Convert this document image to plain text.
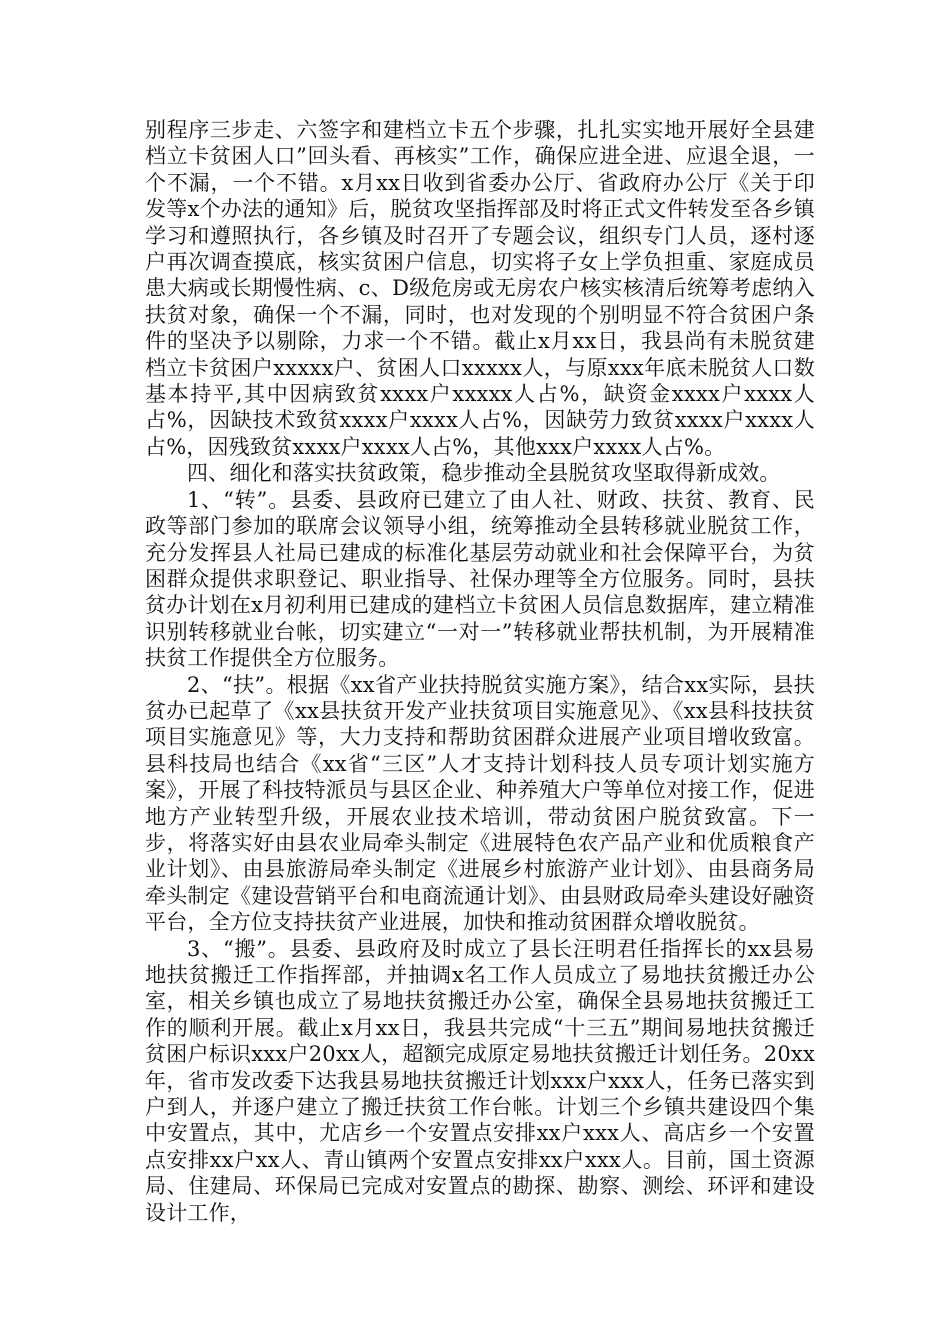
别程序三步走、六签字和建档立卡五个步骤，扎扎实实地开展好全县建档立卡贫困人口”回头看、再核实”工作，确保应进全进、应退全退，一个不漏，一个不错。x月xx日收到省委办公厅、省政府办公厅《关于印发等x个办法的通知》后，脱贫攻坚指挥部及时将正式文件转发至各乡镇学习和遵照执行，各乡镇及时召开了专题会议，组织专门人员，逐村逐户再次调查摸底，核实贫困户信息，切实将子女上学负担重、家庭成员患大病或长期慢性病、c、D级危房或无房农户核实核清后统筹考虑纳入扶贫对象，确保一个不漏，同时，也对发现的个别明显不符合贫困户条件的坚决予以剔除，力求一个不错。截止x月xx日，我县尚有未脱贫建档立卡贫困户xxxxx户、贫困人口xxxxx人，与原xxx年底未脱贫人口数基本持平,其中因病致贫xxxx户xxxxx人占%，缺资金xxxx户xxxx人占%，因缺技术致贫xxxx户xxxx人占%，因缺劳力致贫xxxx户xxxx人占%，因残致贫xxxx户xxxx人占%，其他xxx户xxxx人占%。

四、细化和落实扶贫政策，稳步推动全县脱贫攻坚取得新成效。

1、“转”。县委、县政府已建立了由人社、财政、扶贫、教育、民政等部门参加的联席会议领导小组，统筹推动全县转移就业脱贫工作，充分发挥县人社局已建成的标准化基层劳动就业和社会保障平台，为贫困群众提供求职登记、职业指导、社保办理等全方位服务。同时，县扶贫办计划在x月初利用已建成的建档立卡贫困人员信息数据库，建立精准识别转移就业台帐，切实建立“一对一”转移就业帮扶机制，为开展精准扶贫工作提供全方位服务。

2、“扶”。根据《xx省产业扶持脱贫实施方案》，结合xx实际，县扶贫办已起草了《xx县扶贫开发产业扶贫项目实施意见》、《xx县科技扶贫项目实施意见》等，大力支持和帮助贫困群众进展产业项目增收致富。县科技局也结合《xx省“三区”人才支持计划科技人员专项计划实施方案》，开展了科技特派员与县区企业、种养殖大户等单位对接工作，促进地方产业转型升级，开展农业技术培训，带动贫困户脱贫致富。下一步，将落实好由县农业局牵头制定《进展特色农产品产业和优质粮食产业计划》、由县旅游局牵头制定《进展乡村旅游产业计划》、由县商务局牵头制定《建设营销平台和电商流通计划》、由县财政局牵头建设好融资平台，全方位支持扶贫产业进展，加快和推动贫困群众增收脱贫。

3、“搬”。县委、县政府及时成立了县长汪明君任指挥长的xx县易地扶贫搬迁工作指挥部，并抽调x名工作人员成立了易地扶贫搬迁办公室，相关乡镇也成立了易地扶贫搬迁办公室，确保全县易地扶贫搬迁工作的顺利开展。截止x月xx日，我县共完成“十三五”期间易地扶贫搬迁贫困户标识xxx户20xx人，超额完成原定易地扶贫搬迁计划任务。20xx年，省市发改委下达我县易地扶贫搬迁计划xxx户xxx人，任务已落实到户到人，并逐户建立了搬迁扶贫工作台帐。计划三个乡镇共建设四个集中安置点，其中，尤店乡一个安置点安排xx户xxx人、高店乡一个安置点安排xx户xx人、青山镇两个安置点安排xx户xxx人。目前，国土资源局、住建局、环保局已完成对安置点的勘探、勘察、测绘、环评和建设设计工作，
